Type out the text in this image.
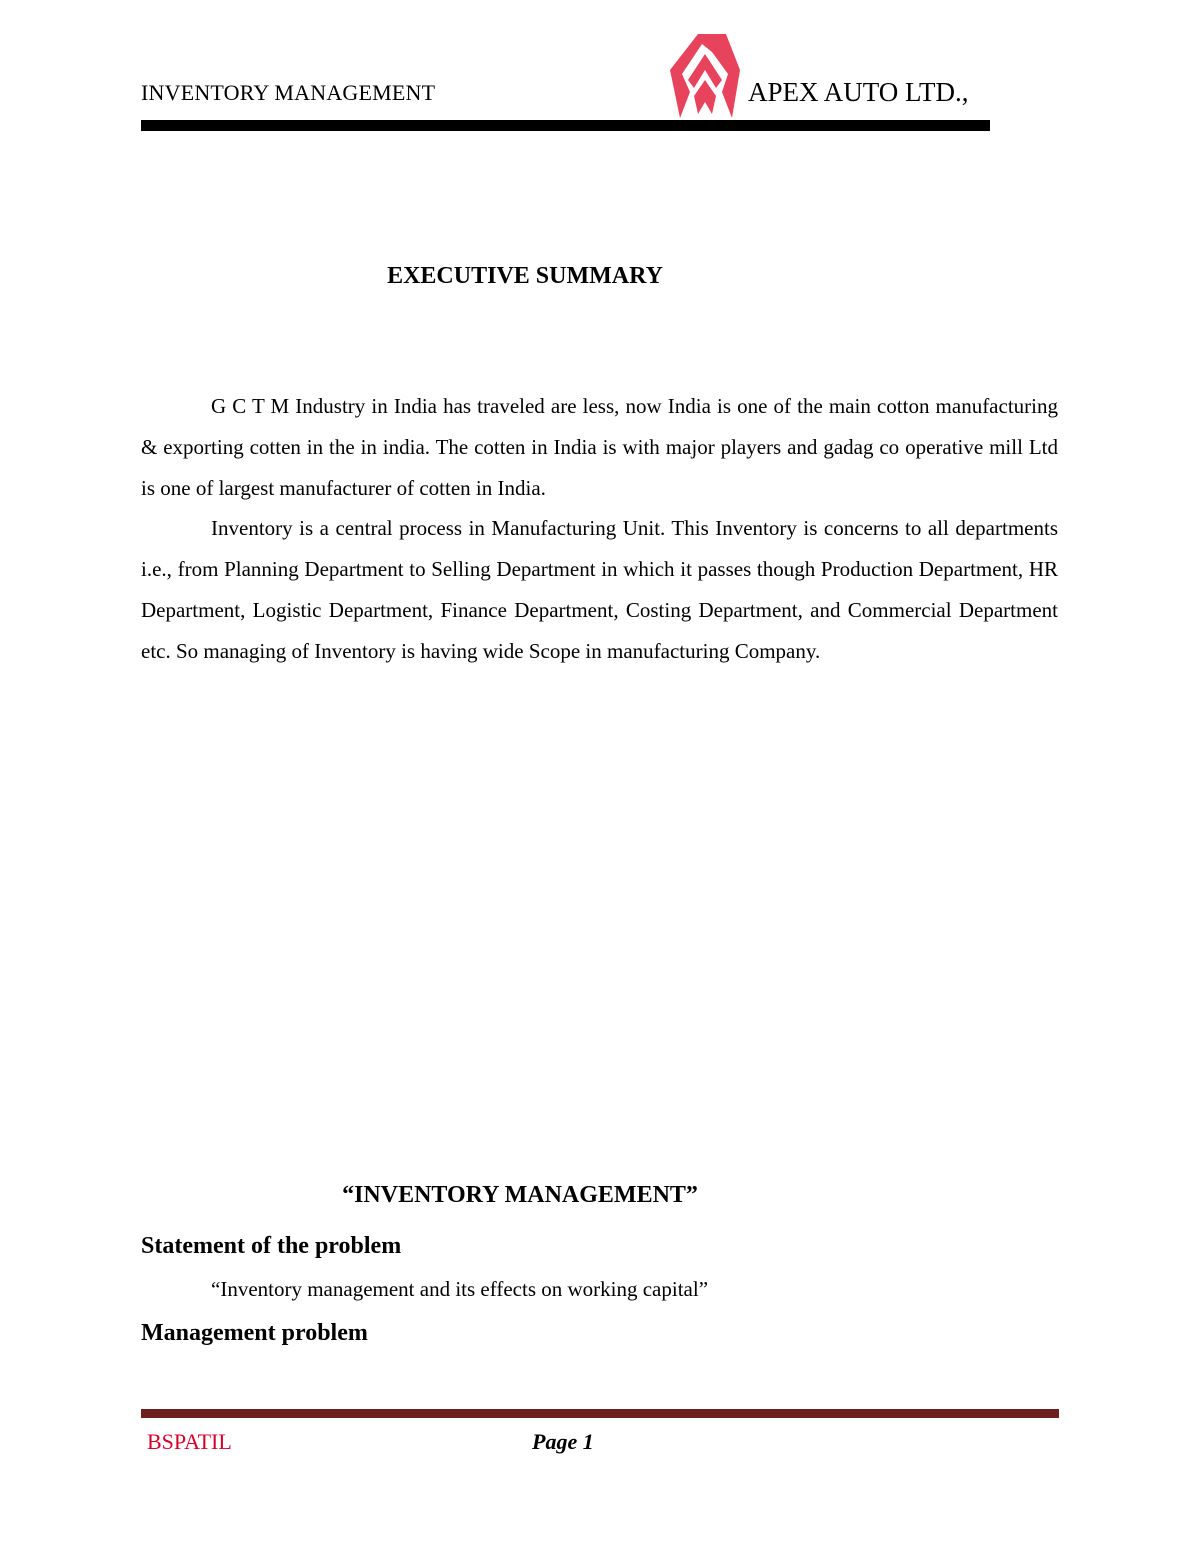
INVENTORY MANAGEMENT	APEX AUTO LTD.,
EXECUTIVE SUMMARY

G C T M Industry in India has traveled are less, now India is one of the main cotton manufacturing & exporting cotten in the in india. The cotten in India is with major players and gadag co operative mill Ltd is one of largest manufacturer of cotten in India.

Inventory is a central process in Manufacturing Unit. This Inventory is concerns to all departments i.e., from Planning Department to Selling Department in which it passes though Production Department, HR Department, Logistic Department, Finance Department, Costing Department, and Commercial Department etc. So managing of Inventory is having wide Scope in manufacturing Company.

“INVENTORY MANAGEMENT”
Statement of the problem
“Inventory management and its effects on working capital”
Management problem
BSPATIL	Page 1
